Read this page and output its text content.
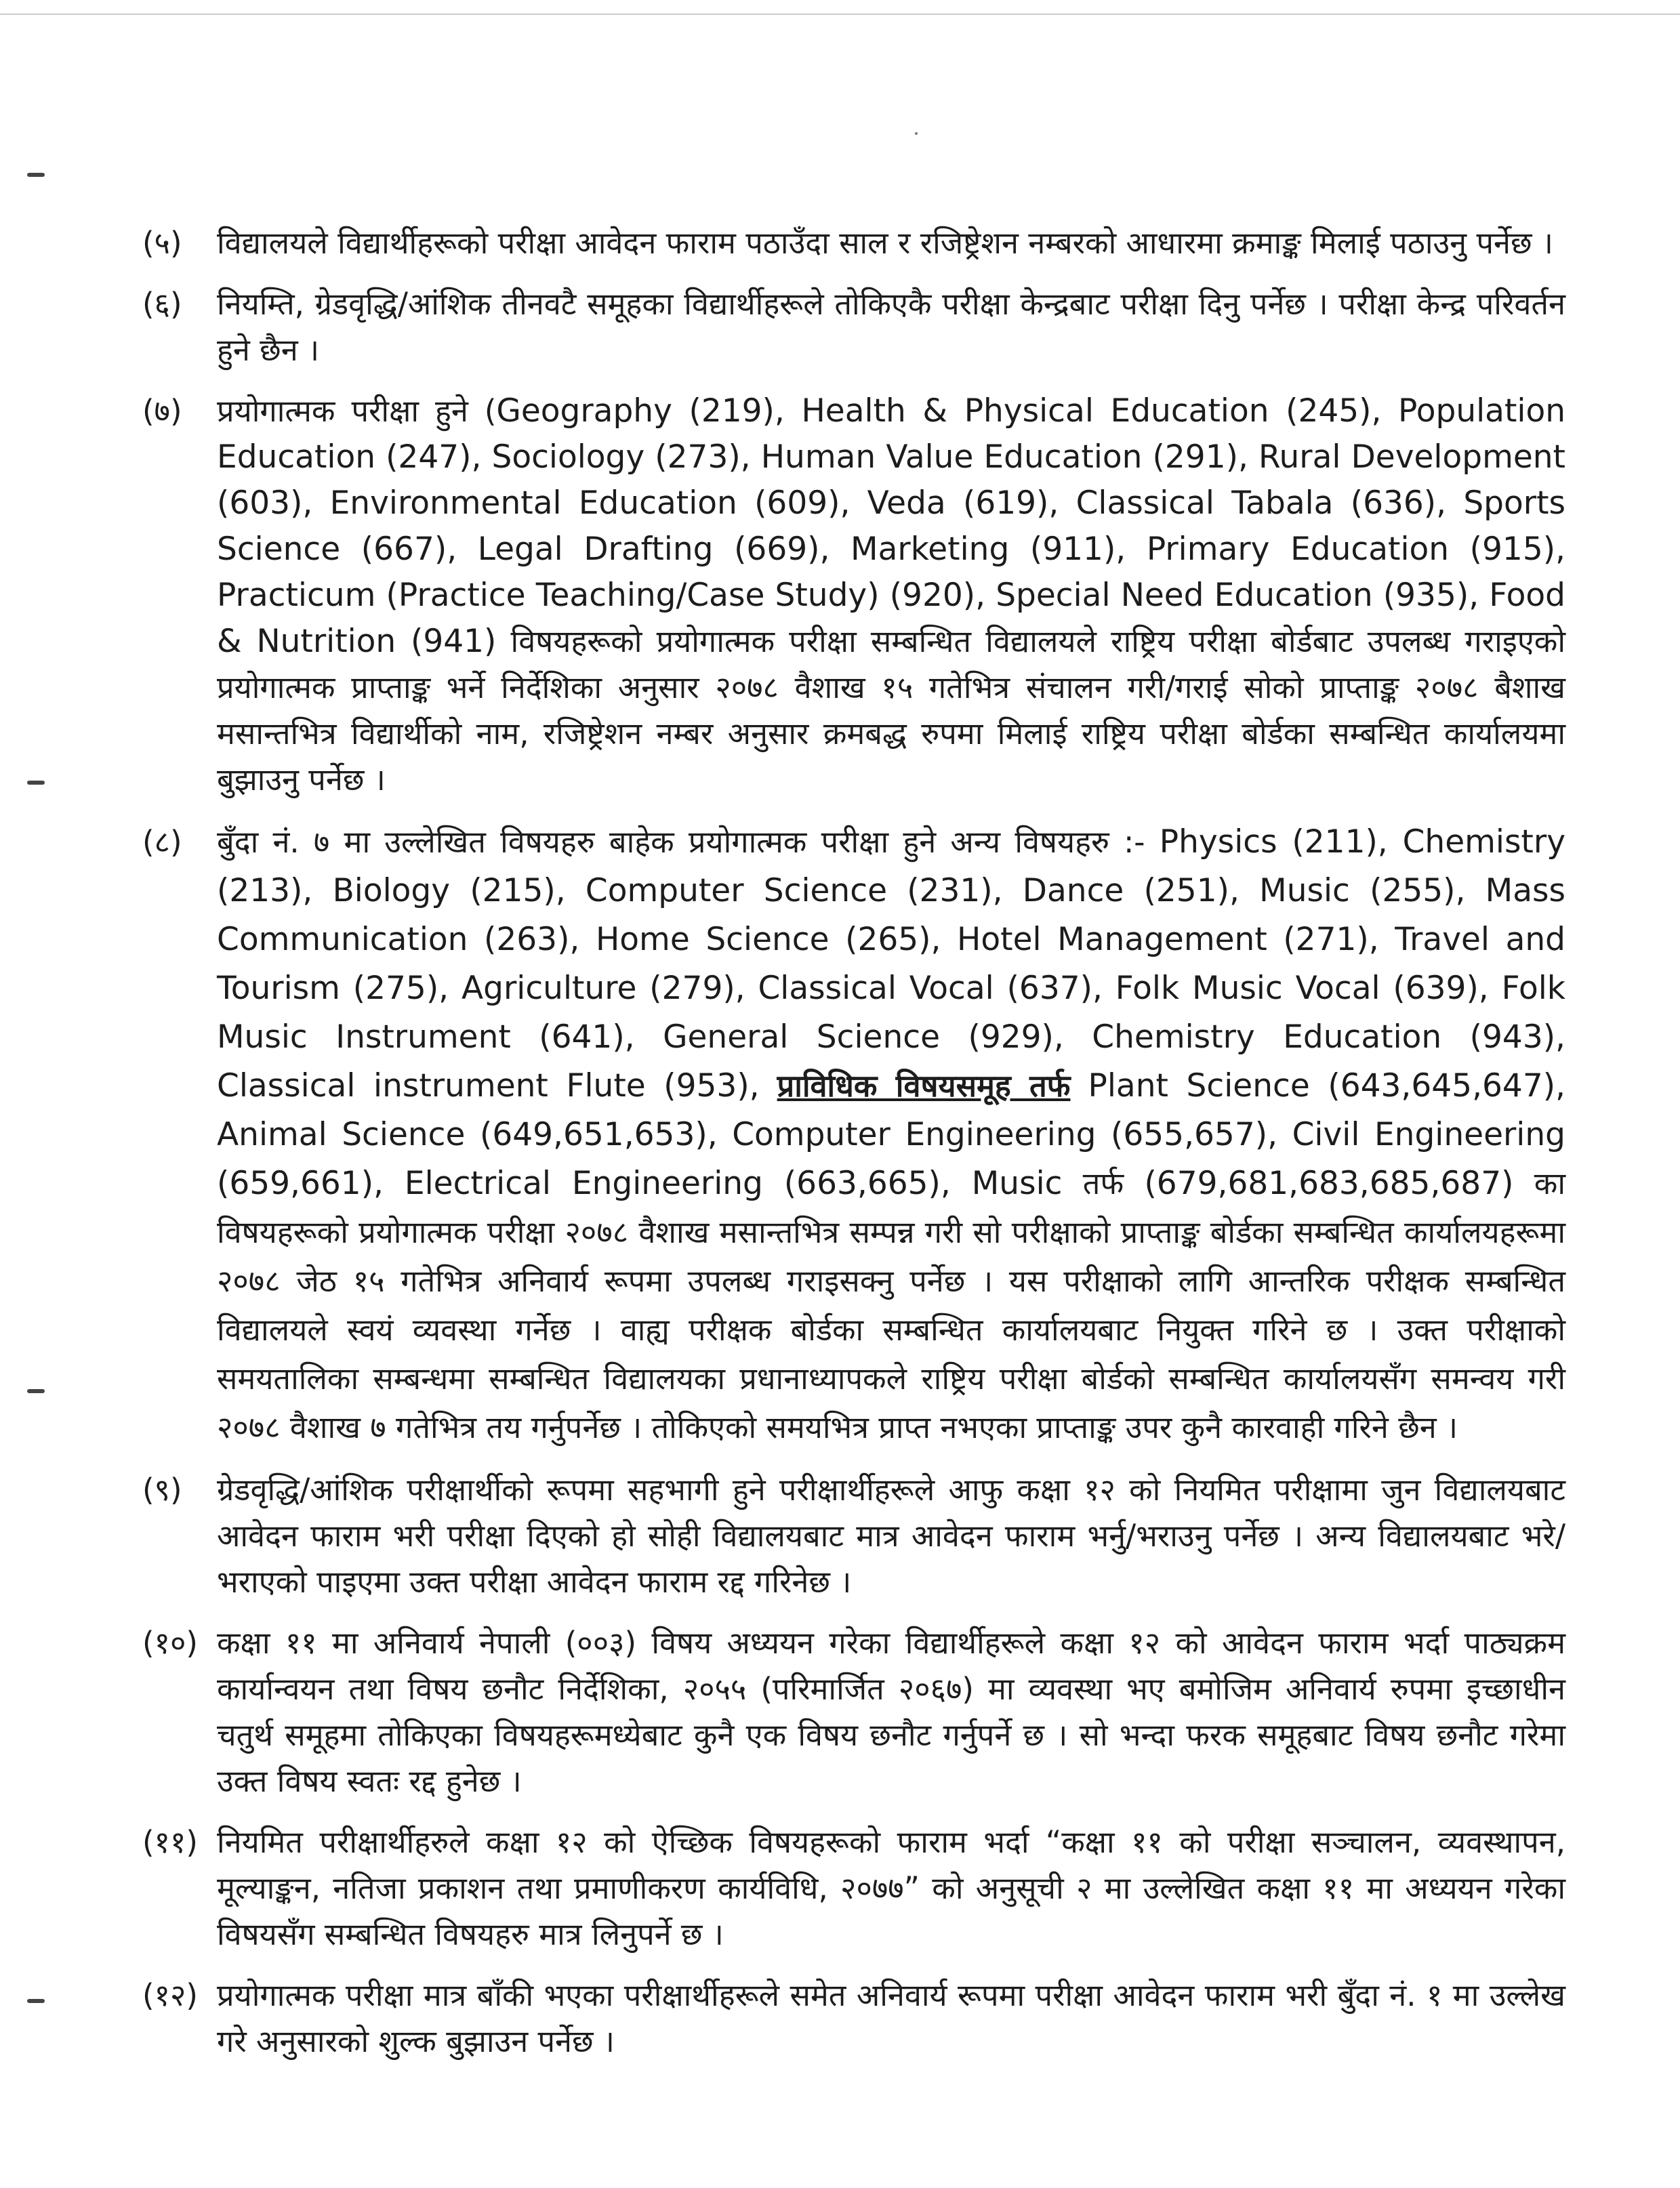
(५)	विद्यालयले विद्यार्थीहरूको परीक्षा आवेदन फाराम पठाउँदा साल र रजिष्ट्रेशन नम्बरको आधारमा क्रमाङ्क मिलाई पठाउनु पर्नेछ ।
(६)	नियम्ति, ग्रेडवृद्धि/आंशिक तीनवटै समूहका विद्यार्थीहरूले तोकिएकै परीक्षा केन्द्रबाट परीक्षा दिनु पर्नेछ । परीक्षा केन्द्र परिवर्तन हुने छैन ।
(७)	प्रयोगात्मक परीक्षा हुने (Geography (219), Health & Physical Education (245), Population Education (247), Sociology (273), Human Value Education (291), Rural Development (603), Environmental Education (609), Veda (619), Classical Tabala (636), Sports Science (667), Legal Drafting (669), Marketing (911), Primary Education (915), Practicum (Practice Teaching/Case Study) (920), Special Need Education (935), Food & Nutrition (941) विषयहरूको प्रयोगात्मक परीक्षा सम्बन्धित विद्यालयले राष्ट्रिय परीक्षा बोर्डबाट उपलब्ध गराइएको प्रयोगात्मक प्राप्ताङ्क भर्ने निर्देशिका अनुसार २०७८ वैशाख १५ गतेभित्र संचालन गरी/गराई सोको प्राप्ताङ्क २०७८ बैशाख मसान्तभित्र विद्यार्थीको नाम, रजिष्ट्रेशन नम्बर अनुसार क्रमबद्ध रुपमा मिलाई राष्ट्रिय परीक्षा बोर्डका सम्बन्धित कार्यालयमा बुझाउनु पर्नेछ ।
(८)	बुँदा नं. ७ मा उल्लेखित विषयहरु बाहेक प्रयोगात्मक परीक्षा हुने अन्य विषयहरु :- Physics (211), Chemistry (213), Biology (215), Computer Science (231), Dance (251), Music (255), Mass Communication (263), Home Science (265), Hotel Management (271), Travel and Tourism (275), Agriculture (279), Classical Vocal (637), Folk Music Vocal (639), Folk Music Instrument (641), General Science (929), Chemistry Education (943), Classical instrument Flute (953), प्राविधिक विषयसमूह तर्फ Plant Science (643,645,647), Animal Science (649,651,653), Computer Engineering (655,657), Civil Engineering (659,661), Electrical Engineering (663,665), Music तर्फ (679,681,683,685,687) का विषयहरूको प्रयोगात्मक परीक्षा २०७८ वैशाख मसान्तभित्र सम्पन्न गरी सो परीक्षाको प्राप्ताङ्क बोर्डका सम्बन्धित कार्यालयहरूमा २०७८ जेठ १५ गतेभित्र अनिवार्य रूपमा उपलब्ध गराइसक्नु पर्नेछ । यस परीक्षाको लागि आन्तरिक परीक्षक सम्बन्धित विद्यालयले स्वयं व्यवस्था गर्नेछ । वाह्य परीक्षक बोर्डका सम्बन्धित कार्यालयबाट नियुक्त गरिने छ । उक्त परीक्षाको समयतालिका सम्बन्धमा सम्बन्धित विद्यालयका प्रधानाध्यापकले राष्ट्रिय परीक्षा बोर्डको सम्बन्धित कार्यालयसँग समन्वय गरी २०७८ वैशाख ७ गतेभित्र तय गर्नुपर्नेछ । तोकिएको समयभित्र प्राप्त नभएका प्राप्ताङ्क उपर कुनै कारवाही गरिने छैन ।
(९)	ग्रेडवृद्धि/आंशिक परीक्षार्थीको रूपमा सहभागी हुने परीक्षार्थीहरूले आफु कक्षा १२ को नियमित परीक्षामा जुन विद्यालयबाट आवेदन फाराम भरी परीक्षा दिएको हो सोही विद्यालयबाट मात्र आवेदन फाराम भर्नु/भराउनु पर्नेछ । अन्य विद्यालयबाट भरे/भराएको पाइएमा उक्त परीक्षा आवेदन फाराम रद्द गरिनेछ ।
(१०) कक्षा ११ मा अनिवार्य नेपाली (००३) विषय अध्ययन गरेका विद्यार्थीहरूले कक्षा १२ को आवेदन फाराम भर्दा पाठ्यक्रम कार्यान्वयन तथा विषय छनौट निर्देशिका, २०५५ (परिमार्जित २०६७) मा व्यवस्था भए बमोजिम अनिवार्य रुपमा इच्छाधीन चतुर्थ समूहमा तोकिएका विषयहरूमध्येबाट कुनै एक विषय छनौट गर्नुपर्ने छ । सो भन्दा फरक समूहबाट विषय छनौट गरेमा उक्त विषय स्वतः रद्द हुनेछ ।
(११) नियमित परीक्षार्थीहरुले कक्षा १२ को ऐच्छिक विषयहरूको फाराम भर्दा “कक्षा ११ को परीक्षा सञ्चालन, व्यवस्थापन, मूल्याङ्कन, नतिजा प्रकाशन तथा प्रमाणीकरण कार्यविधि, २०७७” को अनुसूची २ मा उल्लेखित कक्षा ११ मा अध्ययन गरेका विषयसँग सम्बन्धित विषयहरु मात्र लिनुपर्ने छ ।
(१२) प्रयोगात्मक परीक्षा मात्र बाँकी भएका परीक्षार्थीहरूले समेत अनिवार्य रूपमा परीक्षा आवेदन फाराम भरी बुँदा नं. १ मा उल्लेख गरे अनुसारको शुल्क बुझाउन पर्नेछ ।
